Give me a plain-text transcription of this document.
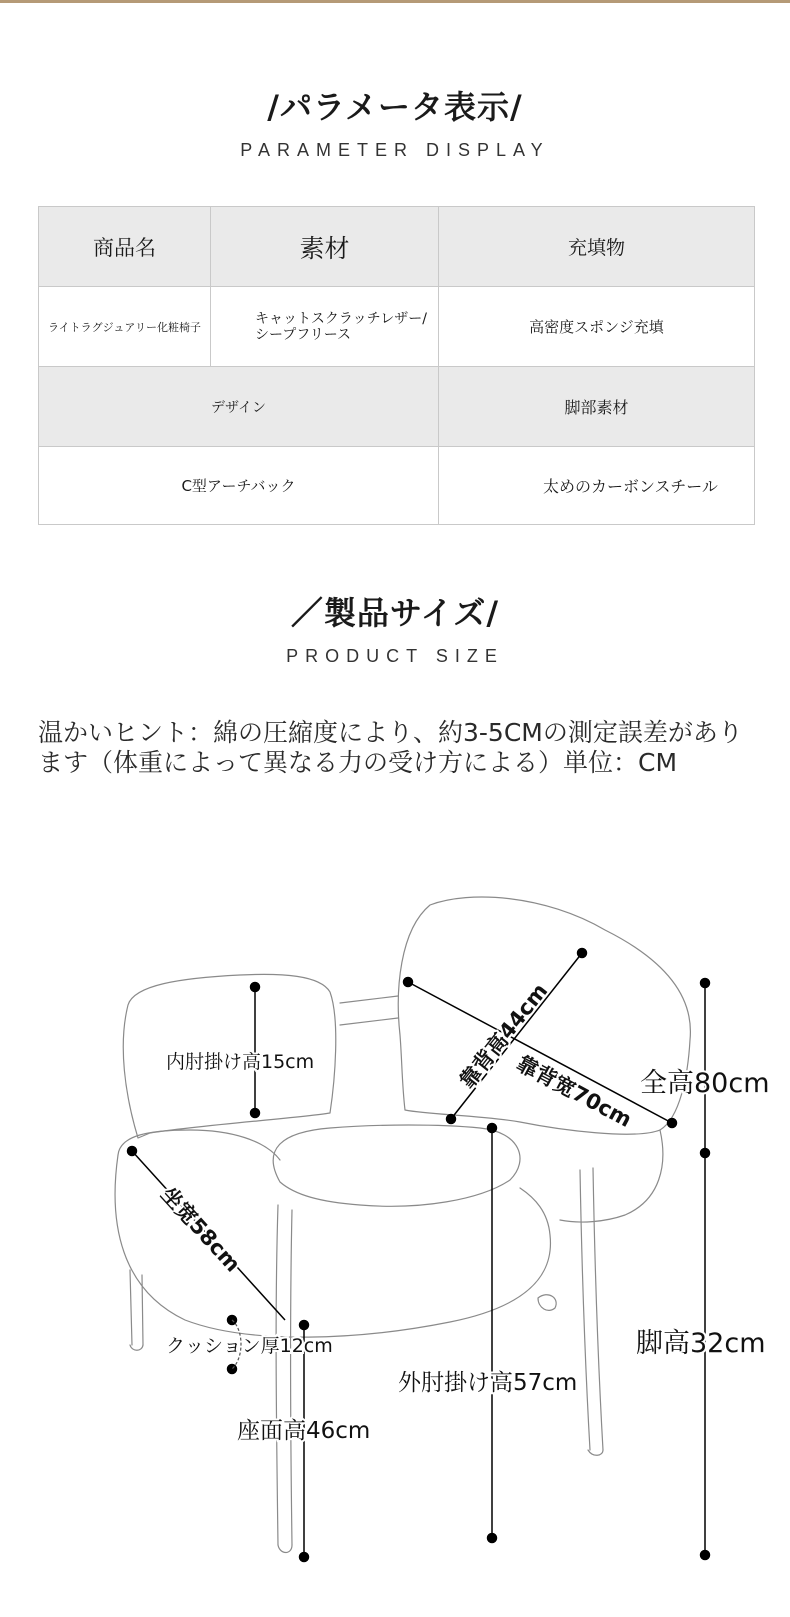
/パラメータ表示/
PARAMETER DISPLAY
商品名	素材	充填物
ライトラグジュアリー化粧椅子	キャットスクラッチレザー/シープフリース	高密度スポンジ充填
デザイン		脚部素材
C型アーチバック		太めのカーボンスチール
／製品サイズ/
PRODUCT SIZE
温かいヒント：綿の圧縮度により、約3-5CMの測定誤差があります（体重によって異なる力の受け方による）単位：CM
内肘掛け高15cm	靠背高44cm
靠背宽70cm 全高80cm
坐宽58cm
クッション厚12cm
外肘掛け高57cm
脚高32cm
座面高46cm
